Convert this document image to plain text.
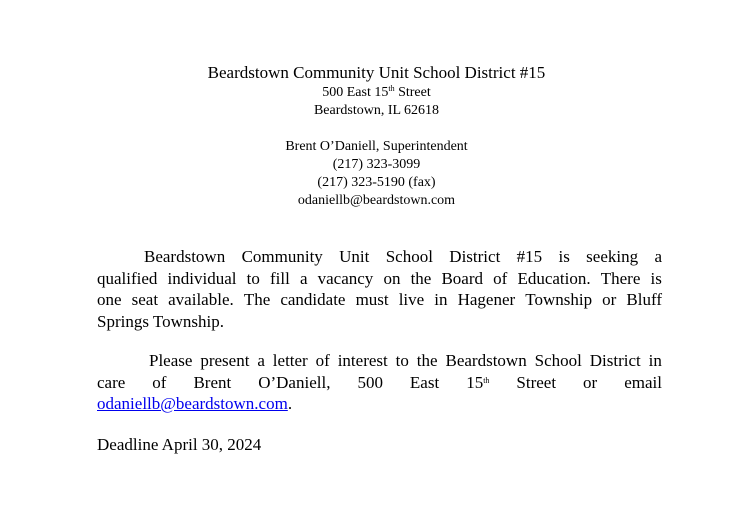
Beardstown Community Unit School District #15
500 East 15th Street
Beardstown, IL 62618
Brent O’Daniell, Superintendent
(217) 323-3099
(217) 323-5190 (fax)
odaniellb@beardstown.com
Beardstown Community Unit School District #15 is seeking a
qualified individual to fill a vacancy on the Board of Education. There is
one seat available. The candidate must live in Hagener Township or Bluff
Springs Township.
Please present a letter of interest to the Beardstown School District in
care of Brent O’Daniell, 500 East 15th Street or email
odaniellb@beardstown.com.
Deadline April 30, 2024
